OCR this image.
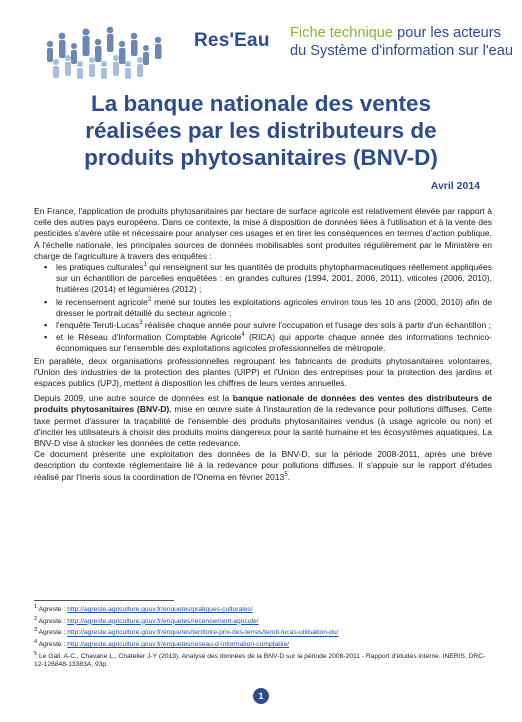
Res'Eau Fiche technique pour les acteurs
du Système d'information sur l'eau
La banque nationale des ventes réalisées par les distributeurs de produits phytosanitaires (BNV-D)
Avril 2014

En France, l'application de produits phytosanitaires par hectare de surface agricole est relativement élevée par rapport à celle des autres pays européens. Dans ce contexte, la mise à disposition de données liées à l'utilisation et à la vente des pesticides s'avère utile et nécessaire pour analyser ces usages et en tirer les conséquences en termes d'action publique. A l'échelle nationale, les principales sources de données mobilisables sont produites régulièrement par le Ministère en charge de l'agriculture à travers des enquêtes :

▪ les pratiques culturales$^1$ qui renseignent sur les quantités de produits phytopharmaceutiques réellement appliquées sur un échantillon de parcelles enquêtées : en grandes cultures (1994, 2001, 2006, 2011), viticoles (2006, 2010), fruitières (2014) et légumières (2012) ;
▪ le recensement agricole$^2$ mené sur toutes les exploitations agricoles environ tous les 10 ans (2000, 2010) afin de dresser le portrait détaillé du secteur agricole ;
▪ l'enquête Teruti-Lucas$^3$ réalisée chaque année pour suivre l'occupation et l'usage des sols à partir d'un échantillon ;
▪ et le Réseau d'Information Comptable Agricole$^4$ (RICA) qui apporte chaque année des informations technico-économiques sur l'ensemble des exploitations agricoles professionnelles de métropole.

En parallèle, deux organisations professionnelles regroupant les fabricants de produits phytosanitaires volontaires, l'Union des industries de la protection des plantes (UIPP) et l'Union des entreprises pour la protection des jardins et espaces publics (UPJ), mettent à disposition les chiffres de leurs ventes annuelles.

Depuis 2009, une autre source de données est la banque nationale de données des ventes des distributeurs de produits phytosanitaires (BNV-D), mise en œuvre suite à l'instauration de la redevance pour pollutions diffuses. Cette taxe permet d'assurer la traçabilité de l'ensemble des produits phytosanitaires vendus (à usage agricole ou non) et d'inciter les utilisateurs à choisir des produits moins dangereux pour la santé humaine et les écosystèmes aquatiques. La BNV-D vise à stocker les données de cette redevance.

Ce document présente une exploitation des données de la BNV-D, sur la période 2008-2011, après une brève description du contexte réglementaire lié à la redevance pour pollutions diffuses. Il s'appuie sur le rapport d'études réalisé par l'Ineris sous la coordination de l'Onema en février 2013$^5$.

$^1$ Agreste : http://agreste.agriculture.gouv.fr/enquetes/pratiques-culturales/
$^2$ Agreste : http://agreste.agriculture.gouv.fr/enquetes/recensement-agricole/
$^3$ Agreste : http://agreste.agriculture.gouv.fr/enquetes/territoire-prix-des-terres/teruti-lucas-utilisation-du/
$^4$ Agreste : http://agreste.agriculture.gouv.fr/enquetes/reseau-d-information-comptable/
$^5$ Le Gall. A-C., Chavane L., Chatelier J-Y (2013). Analyse des données de la BNV-D sur la période 2008-2011 - Rapport d'études interne. INERIS, DRC-12-126848-13383A, 93p.
1
